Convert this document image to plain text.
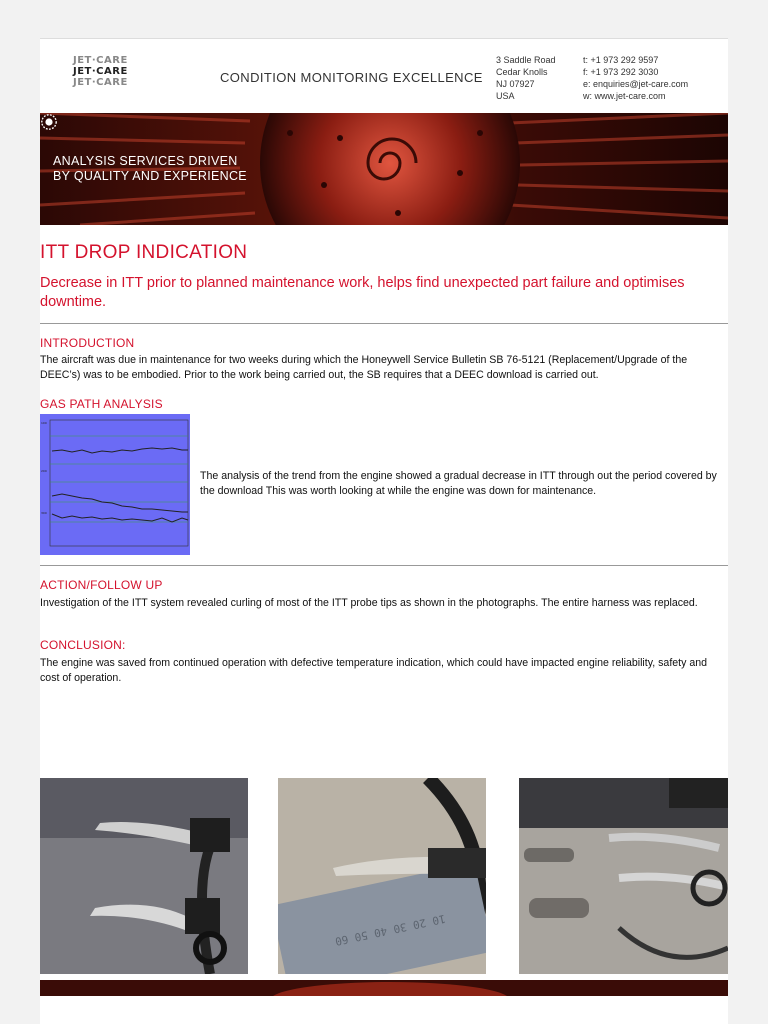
JET·CARE
JET·CARE
JET·CARE	CONDITION MONITORING EXCELLENCE
3 Saddle Road
Cedar Knolls
NJ 07927
USA
t: +1 973 292 9597
f: +1 973 292 3030
e: enquiries@jet-care.com
w: www.jet-care.com
ANALYSIS SERVICES DRIVEN
BY QUALITY AND EXPERIENCE
ITT DROP INDICATION
Decrease in ITT prior to planned maintenance work, helps find unexpected part failure and optimises downtime.
INTRODUCTION
The aircraft was due in maintenance for two weeks during which the Honeywell Service Bulletin SB 76-5121 (Replacement/Upgrade of the DEEC’s) was to be embodied. Prior to the work being carried out, the SB requires that a DEEC download is carried out.
GAS PATH ANALYSIS
100
200
300
The analysis of the trend from the engine showed a gradual decrease in ITT through out the period covered by the download This was worth looking at while the engine was down for maintenance.
ACTION/FOLLOW UP
Investigation of the ITT system revealed curling of most of the ITT probe tips as shown in the photographs. The entire harness was replaced.
CONCLUSION:
The engine was saved from continued operation with defective temperature indication, which could have impacted engine reliability, safety and cost of operation.
10 20 30 40 50 60
